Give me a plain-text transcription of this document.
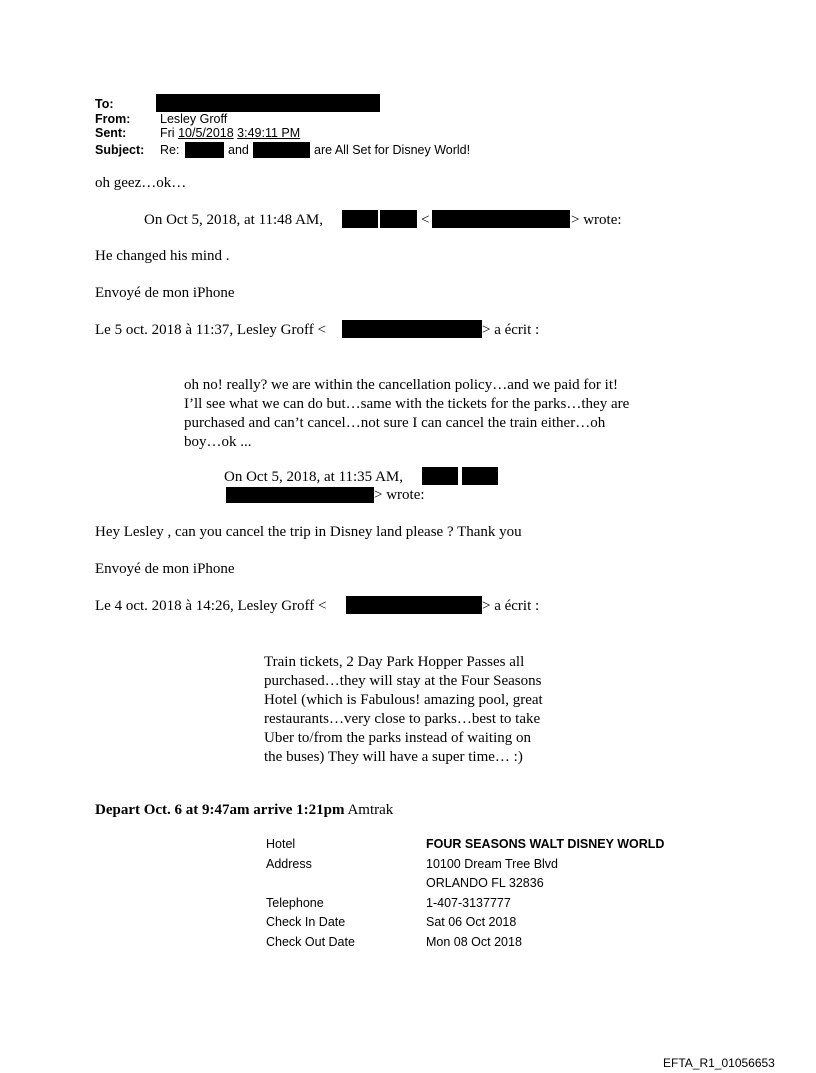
To:
From: Lesley Groff
Sent:	Fri 10/5/2018 3:49:11 PM
Subject: Re:	and	are All Set for Disney World!
oh geez…ok…
On Oct 5, 2018, at 11:48 AM,	<	> wrote:
He changed his mind .
Envoyé de mon iPhone
Le 5 oct. 2018 à 11:37, Lesley Groff <	> a écrit :
oh no! really? we are within the cancellation policy…and we paid for it! I’ll see what we can do but…same with the tickets for the parks…they are purchased and can’t cancel…not sure I can cancel the train either…oh boy…ok ...
On Oct 5, 2018, at 11:35 AM,
> wrote:
Hey Lesley , can you cancel the trip in Disney land please ? Thank you
Envoyé de mon iPhone
Le 4 oct. 2018 à 14:26, Lesley Groff <	> a écrit :
Train tickets, 2 Day Park Hopper Passes all purchased…they will stay at the Four Seasons Hotel (which is Fabulous! amazing pool, great restaurants…very close to parks…best to take Uber to/from the parks instead of waiting on the buses) They will have a super time… :)
Depart Oct. 6 at 9:47am arrive 1:21pm Amtrak
Hotel	FOUR SEASONS WALT DISNEY WORLD
Address	10100 Dream Tree Blvd
	ORLANDO FL 32836
Telephone	1-407-3137777
Check In Date	Sat 06 Oct 2018
Check Out Date	Mon 08 Oct 2018
EFTA_R1_01056653
